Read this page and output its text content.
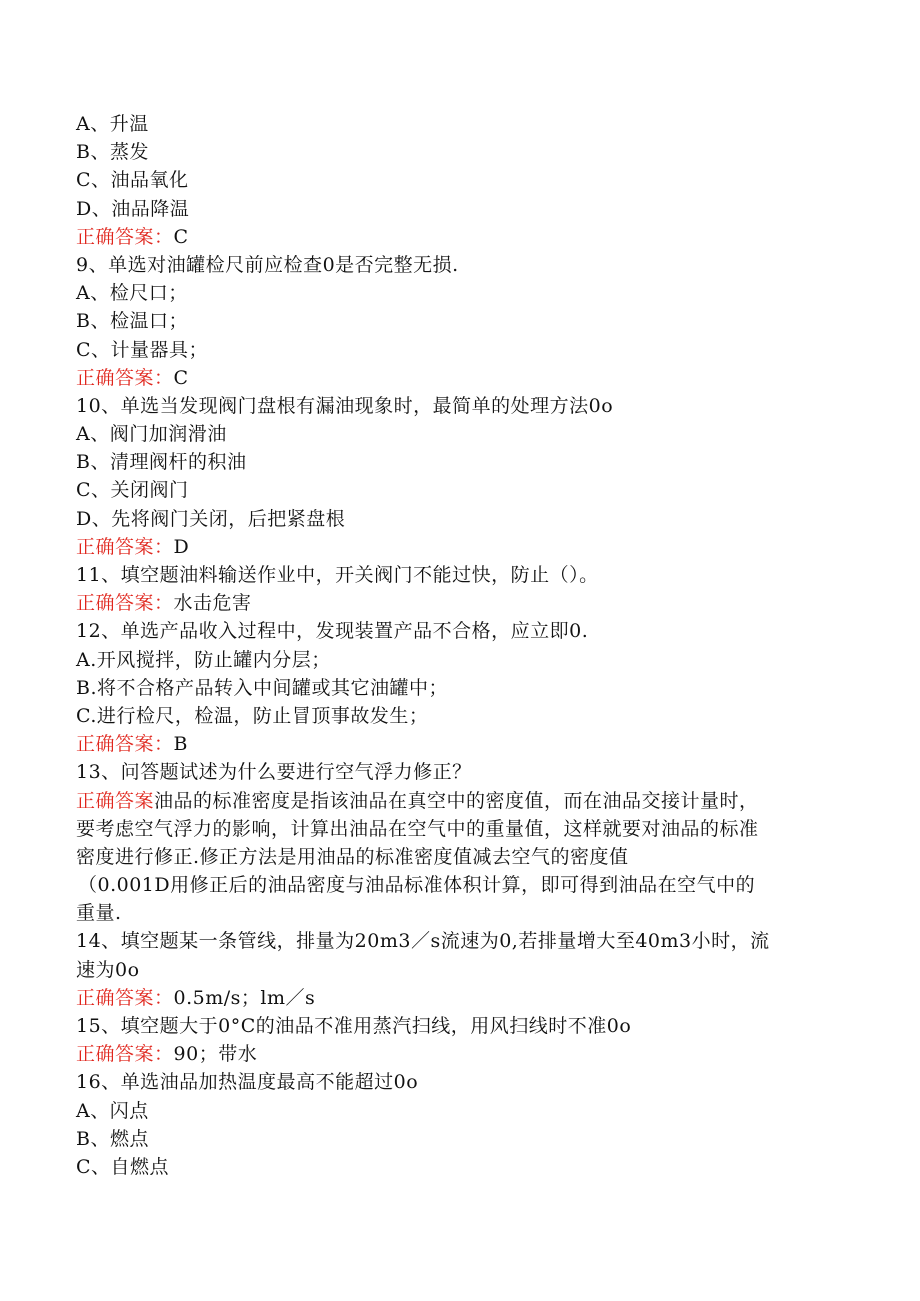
A、升温
B、蒸发
C、油品氧化
D、油品降温
正确答案：C
9、单选对油罐检尺前应检查0是否完整无损.
A、检尺口；
B、检温口；
C、计量器具；
正确答案：C
10、单选当发现阀门盘根有漏油现象时，最简单的处理方法0o
A、阀门加润滑油
B、清理阀杆的积油
C、关闭阀门
D、先将阀门关闭，后把紧盘根
正确答案：D
11、填空题油料输送作业中，开关阀门不能过快，防止（）。
正确答案：水击危害
12、单选产品收入过程中，发现装置产品不合格，应立即0.
A.开风搅拌，防止罐内分层；
B.将不合格产品转入中间罐或其它油罐中；
C.进行检尺，检温，防止冒顶事故发生；
正确答案：B
13、问答题试述为什么要进行空气浮力修正？
正确答案油品的标准密度是指该油品在真空中的密度值，而在油品交接计量时，
要考虑空气浮力的影响，计算出油品在空气中的重量值，这样就要对油品的标准
密度进行修正.修正方法是用油品的标准密度值减去空气的密度值
（0.001D用修正后的油品密度与油品标准体积计算，即可得到油品在空气中的
重量.
14、填空题某一条管线，排量为20m3／s流速为0,若排量增大至40m3小时，流
速为0o
正确答案：0.5m/s；lm／s
15、填空题大于0°C的油品不准用蒸汽扫线，用风扫线时不准0o
正确答案：90；带水
16、单选油品加热温度最高不能超过0o
A、闪点
B、燃点
C、自燃点
